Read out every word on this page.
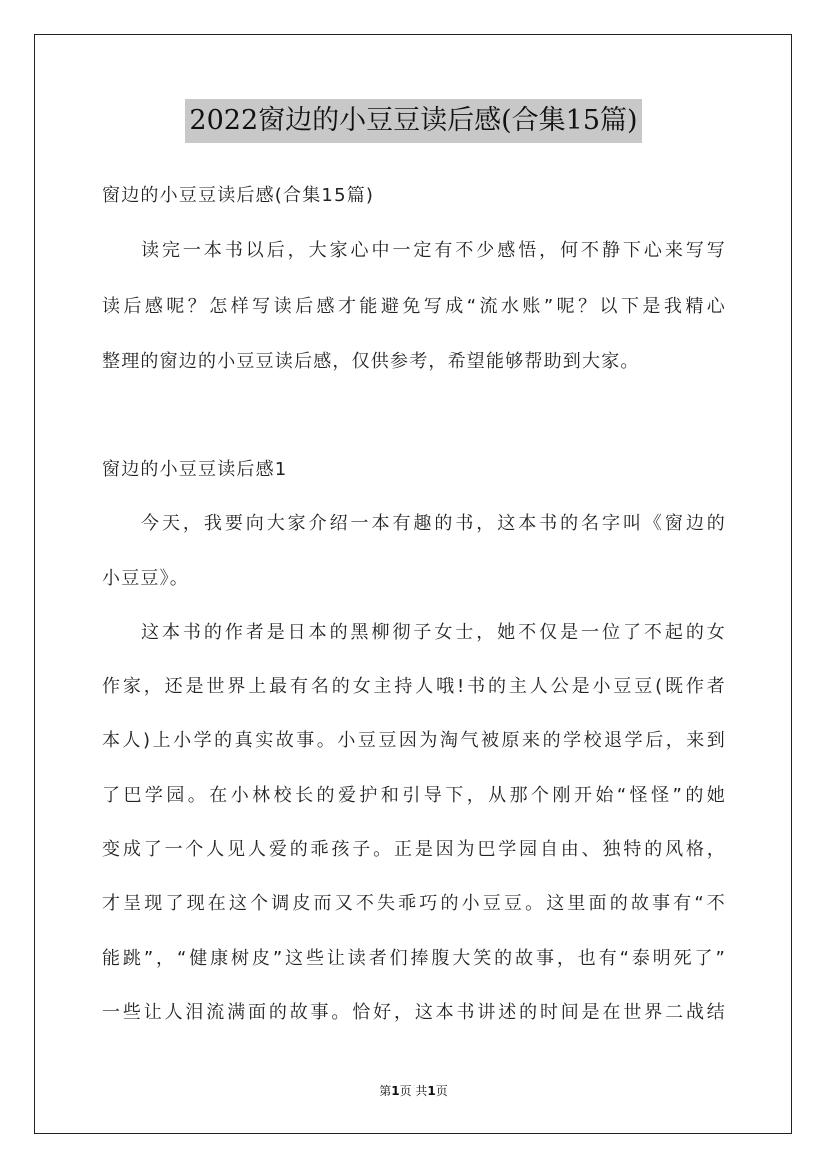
2022窗边的小豆豆读后感(合集15篇)
窗边的小豆豆读后感(合集15篇)
读完一本书以后，大家心中一定有不少感悟，何不静下心来写写
读后感呢？怎样写读后感才能避免写成“流水账”呢？以下是我精心
整理的窗边的小豆豆读后感，仅供参考，希望能够帮助到大家。
窗边的小豆豆读后感1
今天，我要向大家介绍一本有趣的书，这本书的名字叫《窗边的
小豆豆》。
这本书的作者是日本的黑柳彻子女士，她不仅是一位了不起的女
作家，还是世界上最有名的女主持人哦!书的主人公是小豆豆(既作者
本人)上小学的真实故事。小豆豆因为淘气被原来的学校退学后，来到
了巴学园。在小林校长的爱护和引导下，从那个刚开始“怪怪”的她
变成了一个人见人爱的乖孩子。正是因为巴学园自由、独特的风格，
才呈现了现在这个调皮而又不失乖巧的小豆豆。这里面的故事有“不
能跳”，“健康树皮”这些让读者们捧腹大笑的故事，也有“泰明死了”
一些让人泪流满面的故事。恰好，这本书讲述的时间是在世界二战结
第1页 共1页
